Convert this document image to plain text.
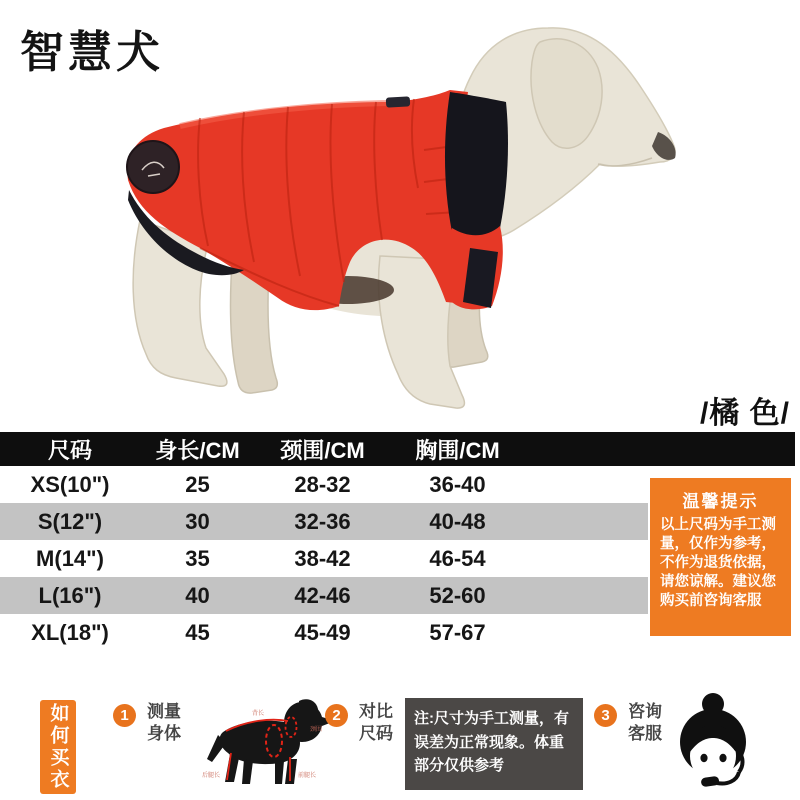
智慧犬
/橘 色/
尺码	身长/CM	颈围/CM	胸围/CM
XS(10")	25	28-32	36-40
S(12")	30	32-36	40-48
M(14")	35	38-42	46-54
L(16")	40	42-46	52-60
XL(18")	45	45-49	57-67
温馨提示
以上尺码为手工测量，仅作为参考，不作为退货依据，请您谅解。建议您购买前咨询客服
如何买衣	1	测量身体
背长
颈围
前腿长
后腿长
2	对比尺码
注:尺寸为手工测量，有误差为正常现象。体重部分仅供参考
3	咨询客服
